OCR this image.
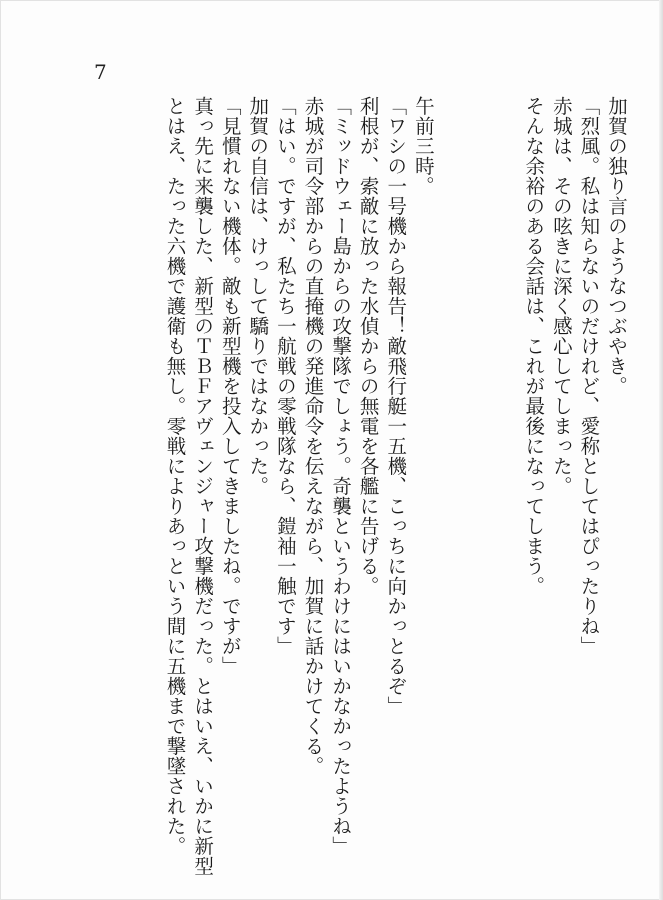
7
加賀の独り言のようなつぶやき。
「烈風。私は知らないのだけれど、愛称としてはぴったりね」
赤城は、その呟きに深く感心してしまった。
そんな余裕のある会話は、これが最後になってしまう。
午前三時。
「ワシの一号機から報告！敵飛行艇一五機、こっちに向かっとるぞ」
利根が、索敵に放った水偵からの無電を各艦に告げる。
「ミッドウェー島からの攻撃隊でしょう。奇襲というわけにはいかなかったようね」
赤城が司令部からの直掩機の発進命令を伝えながら、加賀に話かけてくる。
「はい。ですが、私たち一航戦の零戦隊なら、鎧袖一触です」
加賀の自信は、けっして驕りではなかった。
「見慣れない機体。敵も新型機を投入してきましたね。ですが」
真っ先に来襲した、新型のＴＢＦアヴェンジャー攻撃機だった。とはいえ、いかに新型
とはえ、たった六機で護衛も無し。零戦によりあっという間に五機まで撃墜された。
